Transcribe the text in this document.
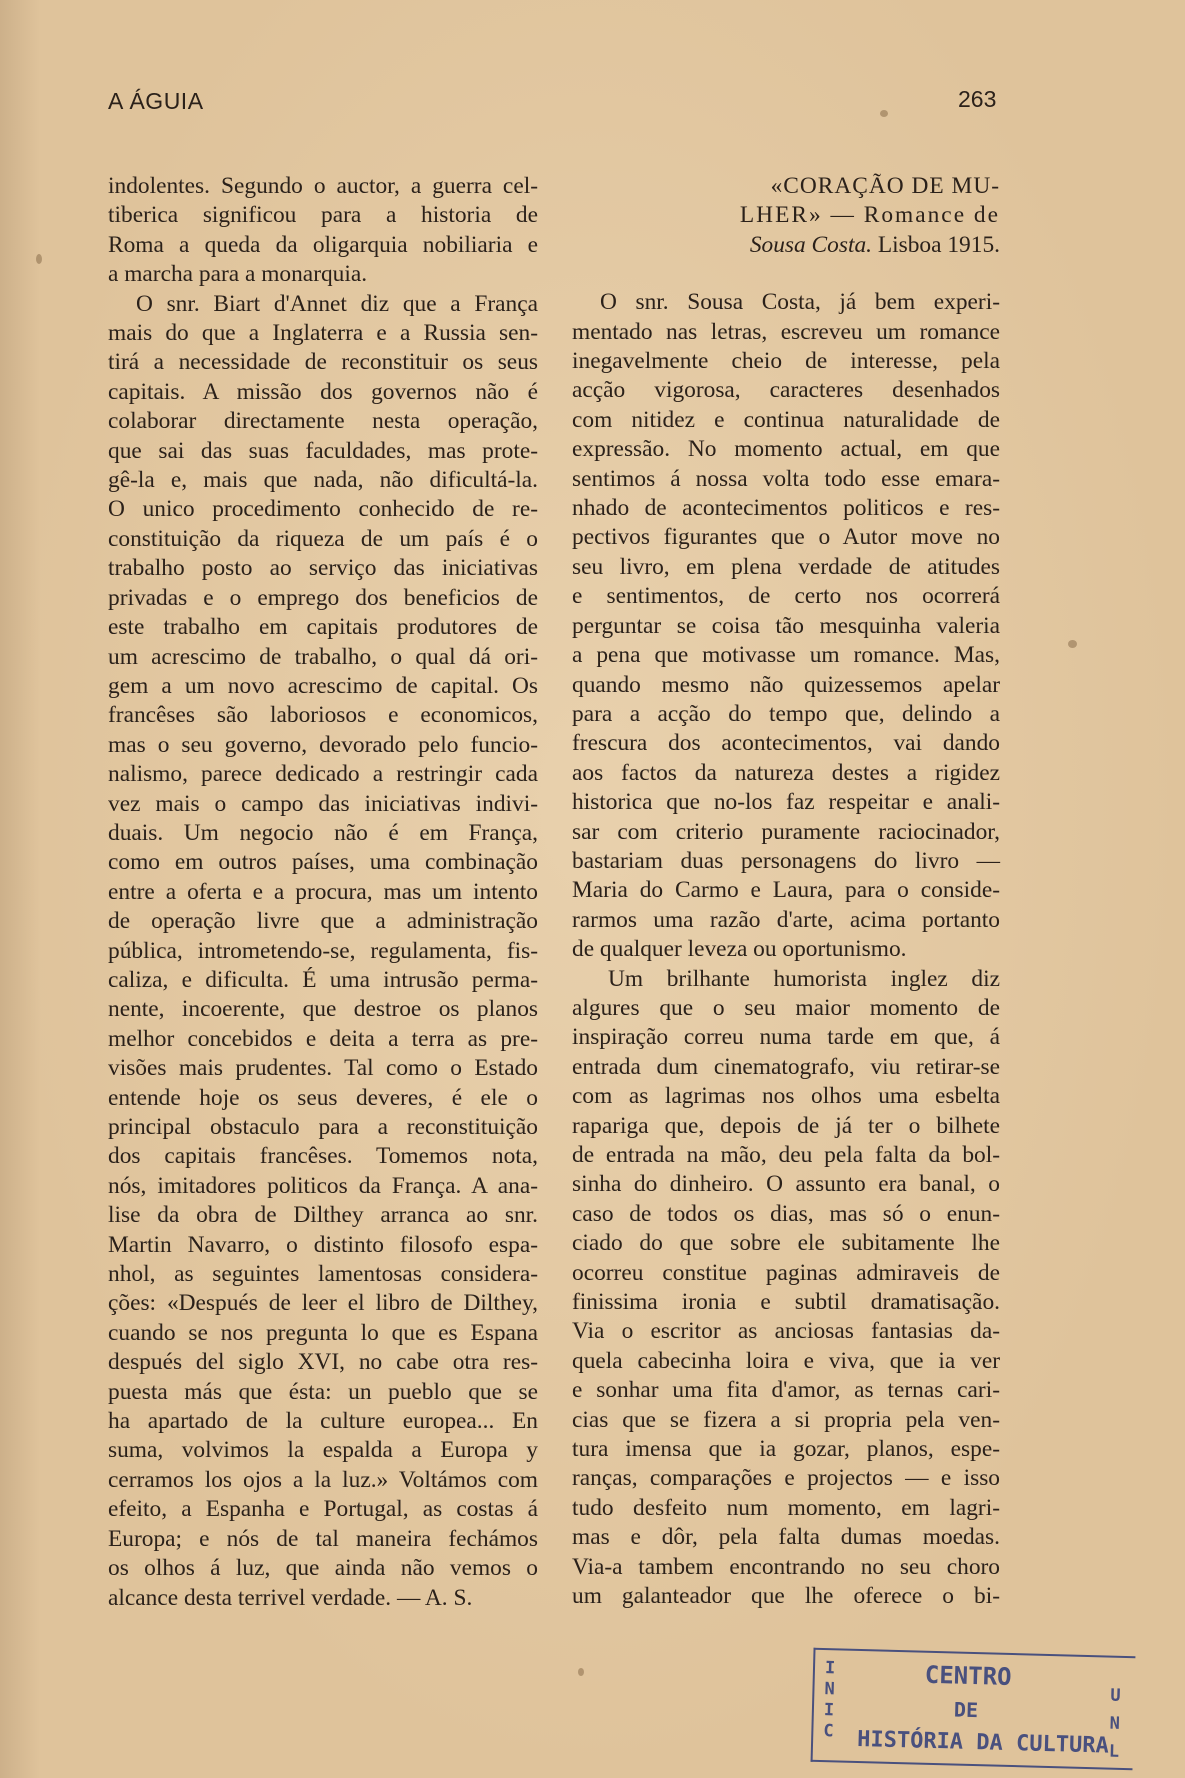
A ÁGUIA	263
indolentes. Segundo o auctor, a guerra cel-
tiberica significou para a historia de
Roma a queda da oligarquia nobiliaria e
a marcha para a monarquia.
O snr. Biart d'Annet diz que a França
mais do que a Inglaterra e a Russia sen-
tirá a necessidade de reconstituir os seus
capitais. A missão dos governos não é
colaborar directamente nesta operação,
que sai das suas faculdades, mas prote-
gê-la e, mais que nada, não dificultá-la.
O unico procedimento conhecido de re-
constituição da riqueza de um país é o
trabalho posto ao serviço das iniciativas
privadas e o emprego dos beneficios de
este trabalho em capitais produtores de
um acrescimo de trabalho, o qual dá ori-
gem a um novo acrescimo de capital. Os
francêses são laboriosos e economicos,
mas o seu governo, devorado pelo funcio-
nalismo, parece dedicado a restringir cada
vez mais o campo das iniciativas indivi-
duais. Um negocio não é em França,
como em outros países, uma combinação
entre a oferta e a procura, mas um intento
de operação livre que a administração
pública, intrometendo-se, regulamenta, fis-
caliza, e dificulta. É uma intrusão perma-
nente, incoerente, que destroe os planos
melhor concebidos e deita a terra as pre-
visões mais prudentes. Tal como o Estado
entende hoje os seus deveres, é ele o
principal obstaculo para a reconstituição
dos capitais francêses. Tomemos nota,
nós, imitadores politicos da França. A ana-
lise da obra de Dilthey arranca ao snr.
Martin Navarro, o distinto filosofo espa-
nhol, as seguintes lamentosas considera-
ções: «Después de leer el libro de Dilthey,
cuando se nos pregunta lo que es Espana
después del siglo XVI, no cabe otra res-
puesta más que ésta: un pueblo que se
ha apartado de la culture europea... En
suma, volvimos la espalda a Europa y
cerramos los ojos a la luz.» Voltámos com
efeito, a Espanha e Portugal, as costas á
Europa; e nós de tal maneira fechámos
os olhos á luz, que ainda não vemos o
alcance desta terrivel verdade. — A. S.
«CORAÇÃO DE MU-
LHER» — Romance de
Sousa Costa. Lisboa 1915.
O snr. Sousa Costa, já bem experi-
mentado nas letras, escreveu um romance
inegavelmente cheio de interesse, pela
acção vigorosa, caracteres desenhados
com nitidez e continua naturalidade de
expressão. No momento actual, em que
sentimos á nossa volta todo esse emara-
nhado de acontecimentos politicos e res-
pectivos figurantes que o Autor move no
seu livro, em plena verdade de atitudes
e sentimentos, de certo nos ocorrerá
perguntar se coisa tão mesquinha valeria
a pena que motivasse um romance. Mas,
quando mesmo não quizessemos apelar
para a acção do tempo que, delindo a
frescura dos acontecimentos, vai dando
aos factos da natureza destes a rigidez
historica que no-los faz respeitar e anali-
sar com criterio puramente raciocinador,
bastariam duas personagens do livro —
Maria do Carmo e Laura, para o conside-
rarmos uma razão d'arte, acima portanto
de qualquer leveza ou oportunismo.
Um brilhante humorista inglez diz
algures que o seu maior momento de
inspiração correu numa tarde em que, á
entrada dum cinematografo, viu retirar-se
com as lagrimas nos olhos uma esbelta
rapariga que, depois de já ter o bilhete
de entrada na mão, deu pela falta da bol-
sinha do dinheiro. O assunto era banal, o
caso de todos os dias, mas só o enun-
ciado do que sobre ele subitamente lhe
ocorreu constitue paginas admiraveis de
finissima ironia e subtil dramatisação.
Via o escritor as anciosas fantasias da-
quela cabecinha loira e viva, que ia ver
e sonhar uma fita d'amor, as ternas cari-
cias que se fizera a si propria pela ven-
tura imensa que ia gozar, planos, espe-
ranças, comparações e projectos — e isso
tudo desfeito num momento, em lagri-
mas e dôr, pela falta dumas moedas.
Via-a tambem encontrando no seu choro
um galanteador que lhe oferece o bi-
I N I C
CENTRO
DE
HISTÓRIA DA CULTURA
U N L
